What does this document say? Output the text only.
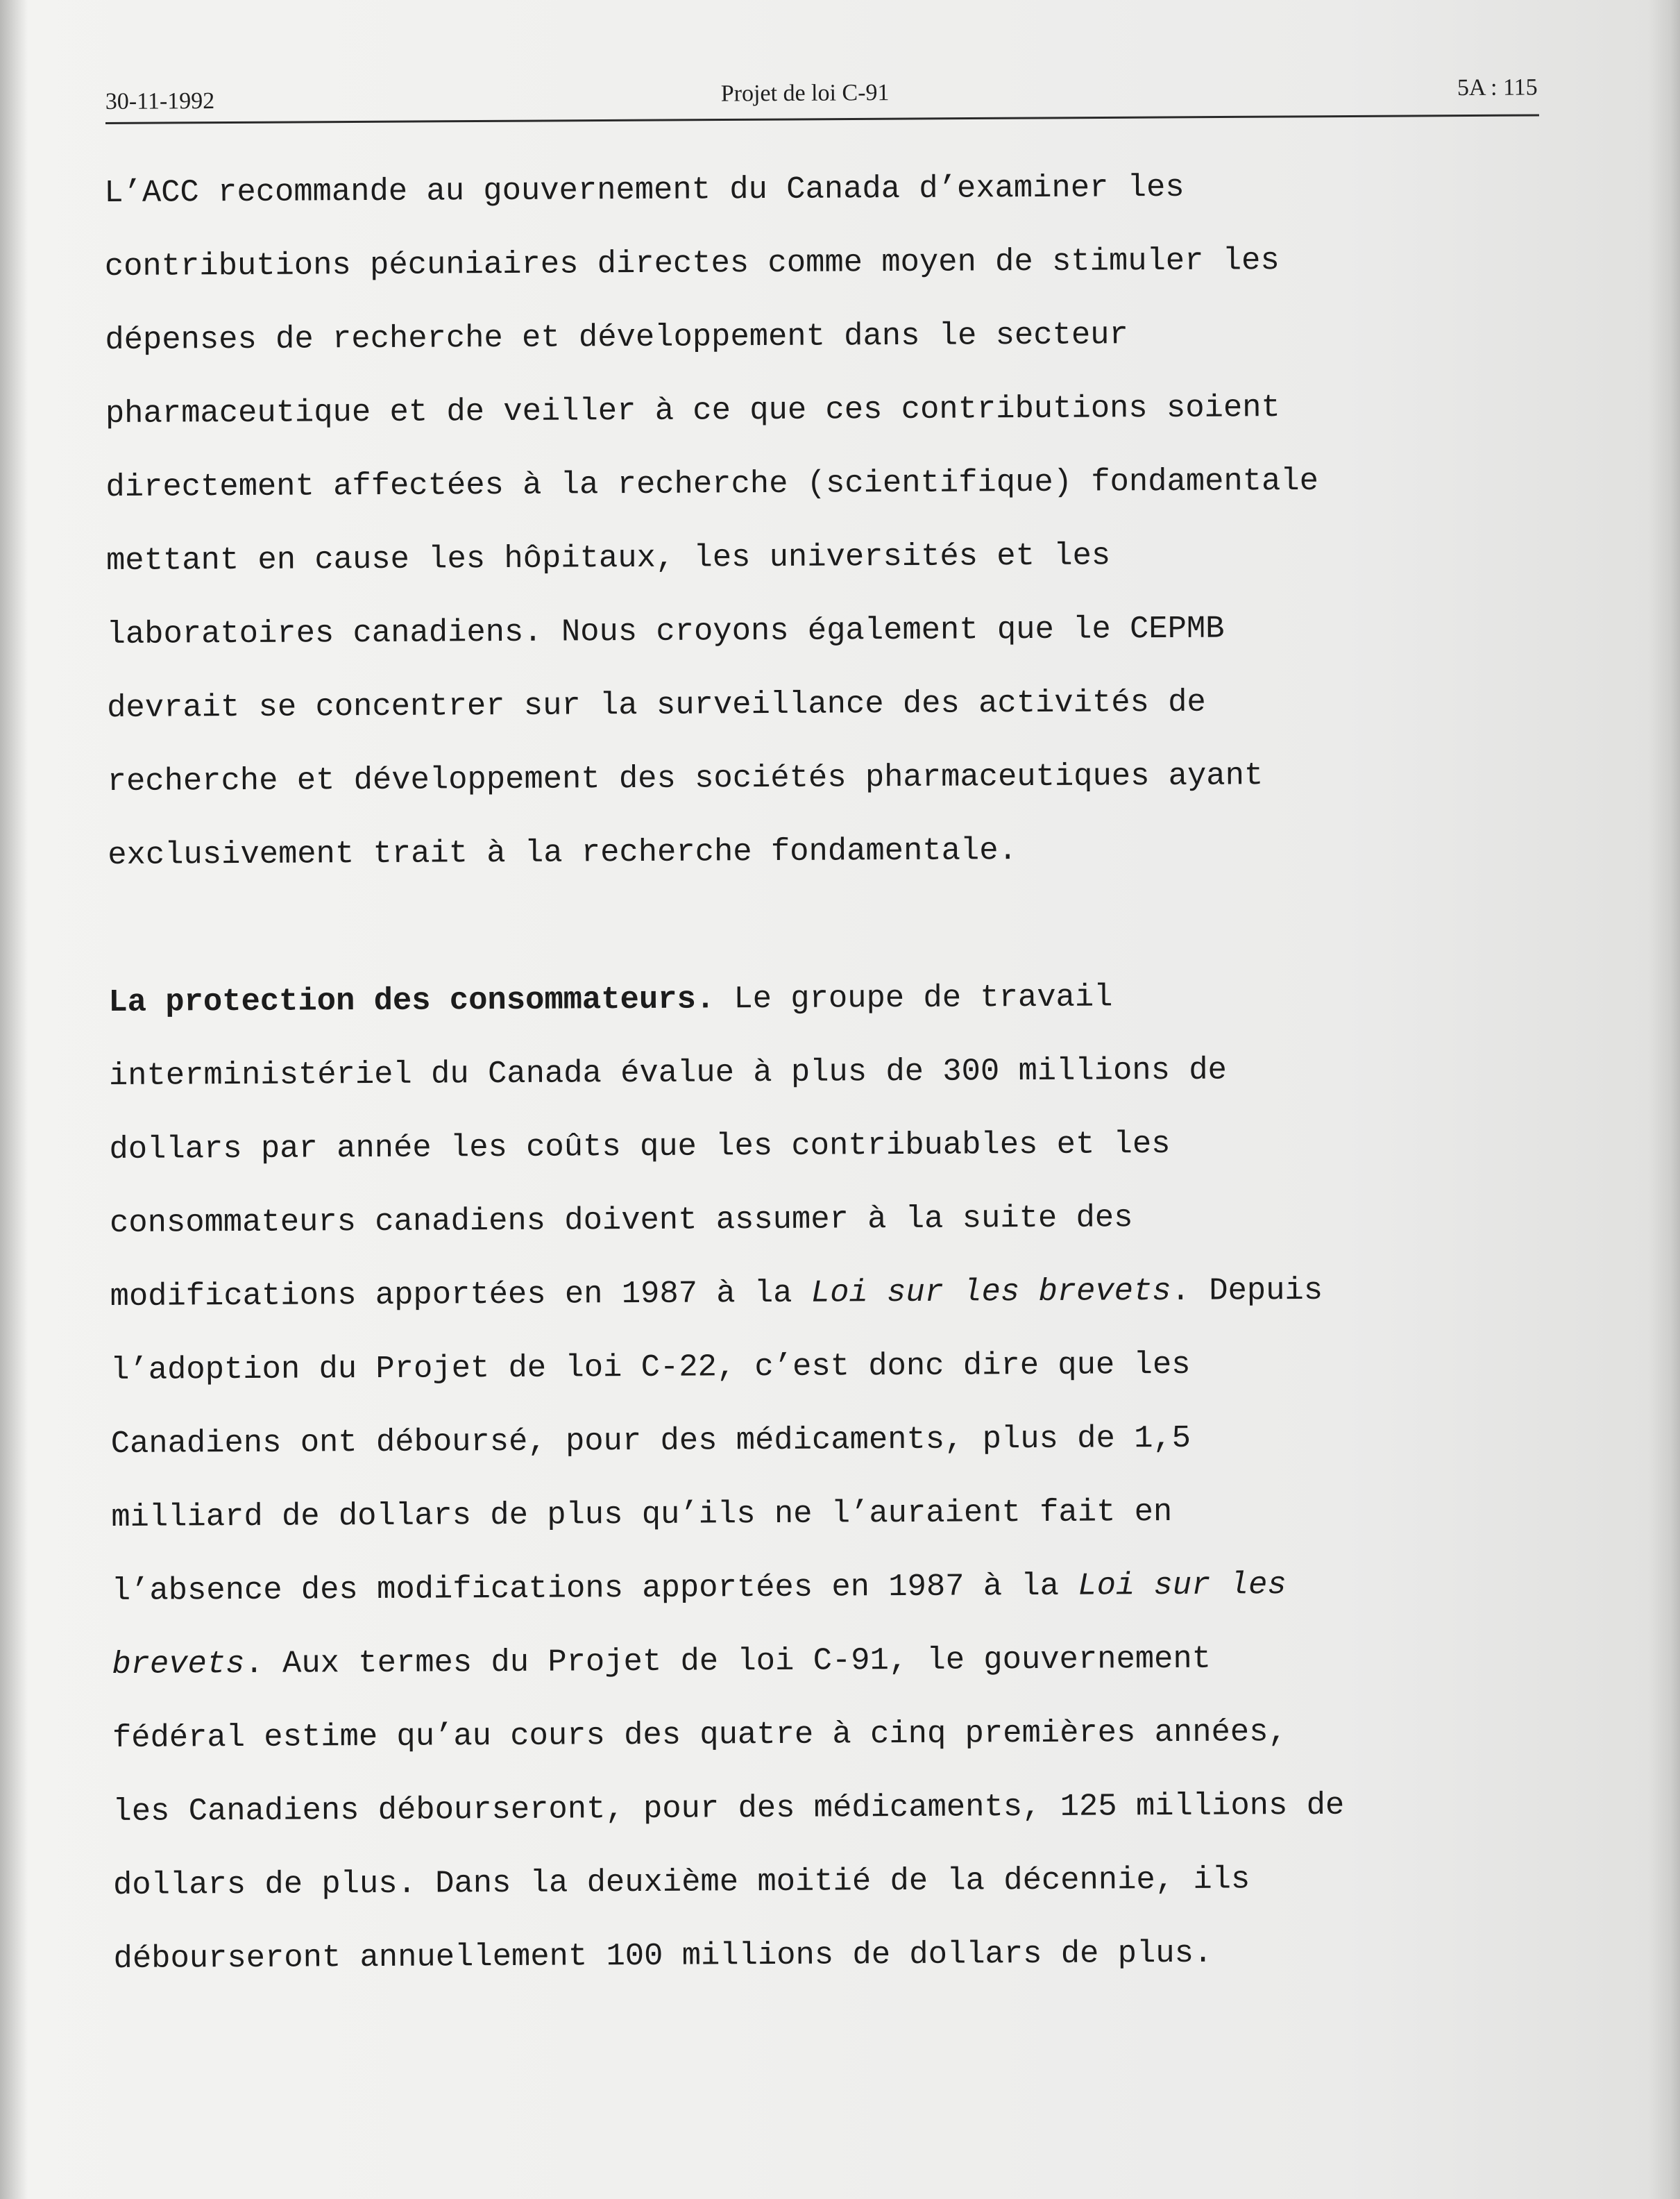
30-11-1992	Projet de loi C-91	5A : 115
L’ACC recommande au gouvernement du Canada d’examiner les
contributions pécuniaires directes comme moyen de stimuler les
dépenses de recherche et développement dans le secteur
pharmaceutique et de veiller à ce que ces contributions soient
directement affectées à la recherche (scientifique) fondamentale
mettant en cause les hôpitaux, les universités et les
laboratoires canadiens. Nous croyons également que le CEPMB
devrait se concentrer sur la surveillance des activités de
recherche et développement des sociétés pharmaceutiques ayant
exclusivement trait à la recherche fondamentale.
La protection des consommateurs. Le groupe de travail
interministériel du Canada évalue à plus de 300 millions de
dollars par année les coûts que les contribuables et les
consommateurs canadiens doivent assumer à la suite des
modifications apportées en 1987 à la Loi sur les brevets. Depuis
l’adoption du Projet de loi C-22, c’est donc dire que les
Canadiens ont déboursé, pour des médicaments, plus de 1,5
milliard de dollars de plus qu’ils ne l’auraient fait en
l’absence des modifications apportées en 1987 à la Loi sur les
brevets. Aux termes du Projet de loi C-91, le gouvernement
fédéral estime qu’au cours des quatre à cinq premières années,
les Canadiens débourseront, pour des médicaments, 125 millions de
dollars de plus. Dans la deuxième moitié de la décennie, ils
débourseront annuellement 100 millions de dollars de plus.
